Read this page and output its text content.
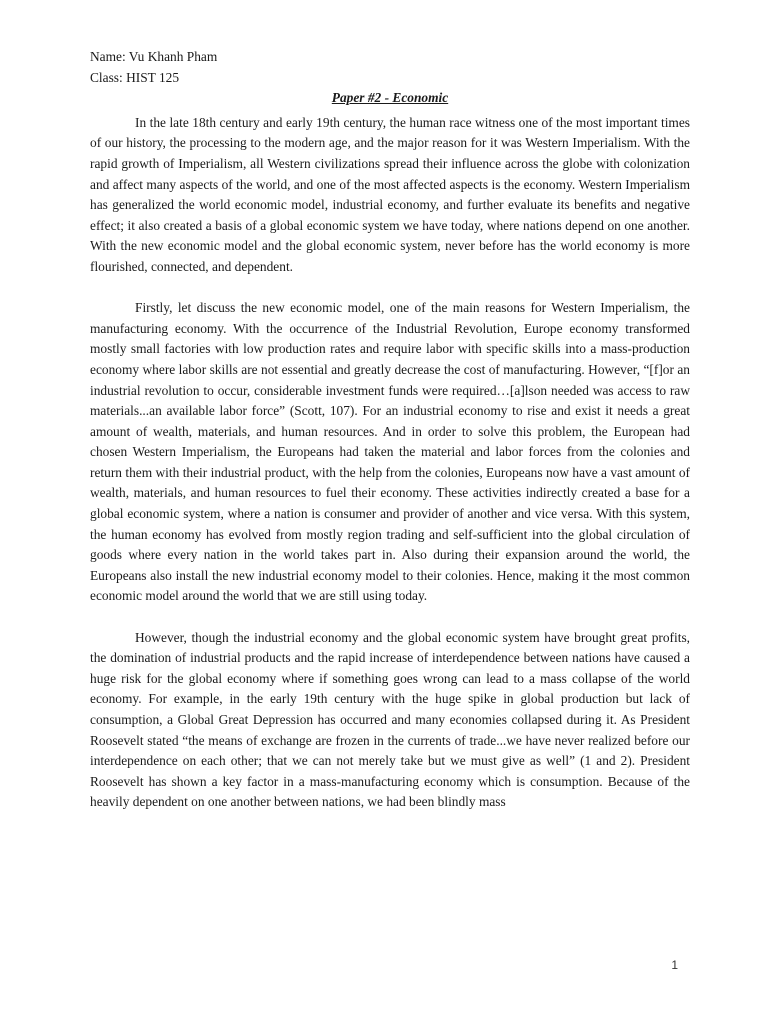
Name: Vu Khanh Pham

Class: HIST 125

Paper #2 - Economic

In the late 18th century and early 19th century, the human race witness one of the most important times of our history, the processing to the modern age, and the major reason for it was Western Imperialism. With the rapid growth of Imperialism, all Western civilizations spread their influence across the globe with colonization and affect many aspects of the world, and one of the most affected aspects is the economy. Western Imperialism has generalized the world economic model, industrial economy, and further evaluate its benefits and negative effect; it also created a basis of a global economic system we have today, where nations depend on one another. With the new economic model and the global economic system, never before has the world economy is more flourished, connected, and dependent.

Firstly, let discuss the new economic model, one of the main reasons for Western Imperialism, the manufacturing economy. With the occurrence of the Industrial Revolution, Europe economy transformed mostly small factories with low production rates and require labor with specific skills into a mass-production economy where labor skills are not essential and greatly decrease the cost of manufacturing. However, “[f]or an industrial revolution to occur, considerable investment funds were required…[a]lson needed was access to raw materials...an available labor force” (Scott, 107). For an industrial economy to rise and exist it needs a great amount of wealth, materials, and human resources. And in order to solve this problem, the European had chosen Western Imperialism, the Europeans had taken the material and labor forces from the colonies and return them with their industrial product, with the help from the colonies, Europeans now have a vast amount of wealth, materials, and human resources to fuel their economy. These activities indirectly created a base for a global economic system, where a nation is consumer and provider of another and vice versa. With this system, the human economy has evolved from mostly region trading and self-sufficient into the global circulation of goods where every nation in the world takes part in. Also during their expansion around the world, the Europeans also install the new industrial economy model to their colonies. Hence, making it the most common economic model around the world that we are still using today.

However, though the industrial economy and the global economic system have brought great profits, the domination of industrial products and the rapid increase of interdependence between nations have caused a huge risk for the global economy where if something goes wrong can lead to a mass collapse of the world economy. For example, in the early 19th century with the huge spike in global production but lack of consumption, a Global Great Depression has occurred and many economies collapsed during it. As President Roosevelt stated “the means of exchange are frozen in the currents of trade...we have never realized before our interdependence on each other; that we can not merely take but we must give as well” (1 and 2). President Roosevelt has shown a key factor in a mass-manufacturing economy which is consumption. Because of the heavily dependent on one another between nations, we had been blindly mass

1
